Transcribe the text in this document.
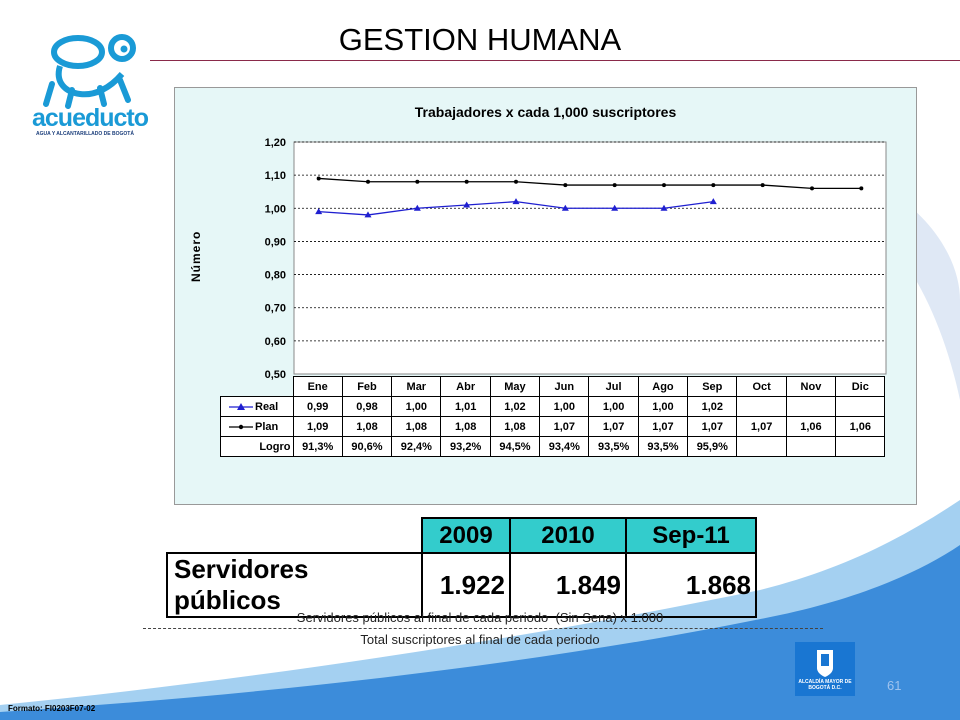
acueducto
AGUA Y ALCANTARILLADO DE BOGOTÁ
GESTION HUMANA
Trabajadores x cada 1,000 suscriptores
Número
0,50
0,60
0,70
0,80
0,90
1,00
1,10
1,20
	Ene	Feb	Mar	Abr	May	Jun	Jul	Ago	Sep	Oct	Nov	Dic
Real	0,99	0,98	1,00	1,01	1,02	1,00	1,00	1,00	1,02			
Plan	1,09	1,08	1,08	1,08	1,08	1,07	1,07	1,07	1,07	1,07	1,06	1,06
Logro	91,3%	90,6%	92,4%	93,2%	94,5%	93,4%	93,5%	93,5%	95,9%			
	2009	2010	Sep-11
Servidores públicos	1.922	1.849	1.868
Servidores públicos al final de cada periodo  (Sin Sena) x 1.000
Total suscriptores al final de cada periodo
ALCALDÍA MAYOR DE BOGOTÁ D.C.	61
Formato: FI0203F07-02
